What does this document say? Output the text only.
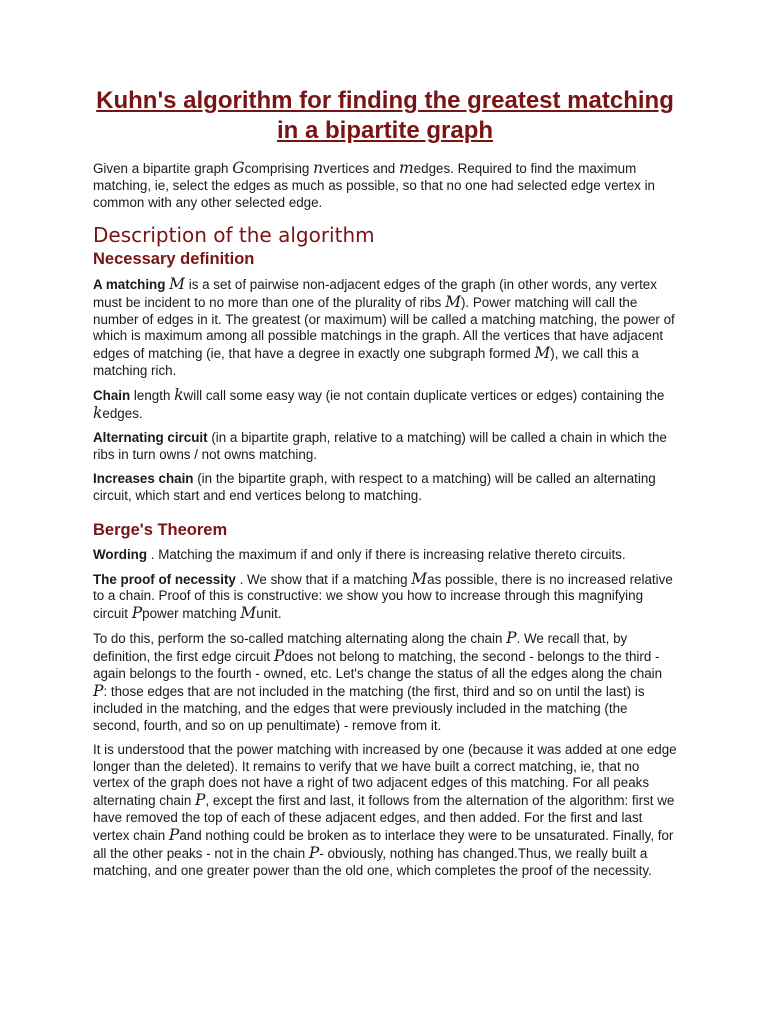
Kuhn's algorithm for finding the greatest matching in a bipartite graph

Given a bipartite graph Gcomprising nvertices and medges. Required to find the maximum matching, ie, select the edges as much as possible, so that no one had selected edge vertex in common with any other selected edge.

Description of the algorithm
Necessary definition

A matching M is a set of pairwise non-adjacent edges of the graph (in other words, any vertex must be incident to no more than one of the plurality of ribs M). Power matching will call the number of edges in it. The greatest (or maximum) will be called a matching matching, the power of which is maximum among all possible matchings in the graph. All the vertices that have adjacent edges of matching (ie, that have a degree in exactly one subgraph formed M), we call this a matching rich.

Chain length kwill call some easy way (ie not contain duplicate vertices or edges) containing the kedges.

Alternating circuit (in a bipartite graph, relative to a matching) will be called a chain in which the ribs in turn owns / not owns matching.

Increases chain (in the bipartite graph, with respect to a matching) will be called an alternating circuit, which start and end vertices belong to matching.

Berge's Theorem

Wording . Matching the maximum if and only if there is increasing relative thereto circuits.

The proof of necessity . We show that if a matching Mas possible, there is no increased relative to a chain. Proof of this is constructive: we show you how to increase through this magnifying circuit Ppower matching Munit.

To do this, perform the so-called matching alternating along the chain P. We recall that, by definition, the first edge circuit Pdoes not belong to matching, the second - belongs to the third - again belongs to the fourth - owned, etc. Let's change the status of all the edges along the chain P: those edges that are not included in the matching (the first, third and so on until the last) is included in the matching, and the edges that were previously included in the matching (the second, fourth, and so on up penultimate) - remove from it.

It is understood that the power matching with increased by one (because it was added at one edge longer than the deleted). It remains to verify that we have built a correct matching, ie, that no vertex of the graph does not have a right of two adjacent edges of this matching. For all peaks alternating chain P, except the first and last, it follows from the alternation of the algorithm: first we have removed the top of each of these adjacent edges, and then added. For the first and last vertex chain Pand nothing could be broken as to interlace they were to be unsaturated. Finally, for all the other peaks - not in the chain P- obviously, nothing has changed.Thus, we really built a matching, and one greater power than the old one, which completes the proof of the necessity.
